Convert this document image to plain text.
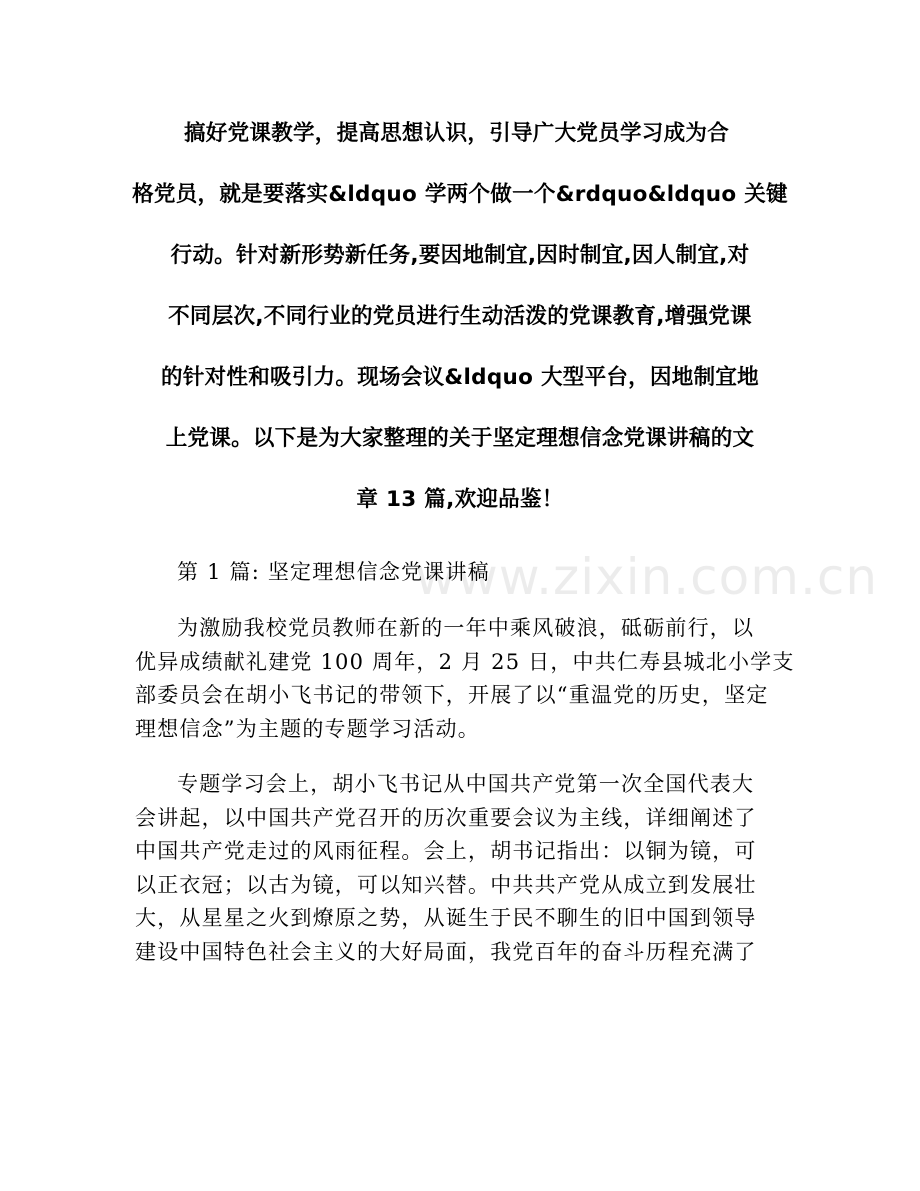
www.zixin.com.cn
搞好党课教学，提高思想认识，引导广大党员学习成为合
格党员，就是要落实&ldquo 学两个做一个&rdquo&ldquo 关键
行动。针对新形势新任务,要因地制宜,因时制宜,因人制宜,对
不同层次,不同行业的党员进行生动活泼的党课教育,增强党课
的针对性和吸引力。现场会议&ldquo 大型平台，因地制宜地
上党课。以下是为大家整理的关于坚定理想信念党课讲稿的文
章 13 篇,欢迎品鉴！
第 1 篇: 坚定理想信念党课讲稿
为激励我校党员教师在新的一年中乘风破浪，砥砺前行，以
优异成绩献礼建党 100 周年，2 月 25 日，中共仁寿县城北小学支
部委员会在胡小飞书记的带领下，开展了以“重温党的历史，坚定
理想信念”为主题的专题学习活动。
专题学习会上，胡小飞书记从中国共产党第一次全国代表大
会讲起，以中国共产党召开的历次重要会议为主线，详细阐述了
中国共产党走过的风雨征程。会上，胡书记指出：以铜为镜，可
以正衣冠；以古为镜，可以知兴替。中共共产党从成立到发展壮
大，从星星之火到燎原之势，从诞生于民不聊生的旧中国到领导
建设中国特色社会主义的大好局面，我党百年的奋斗历程充满了
